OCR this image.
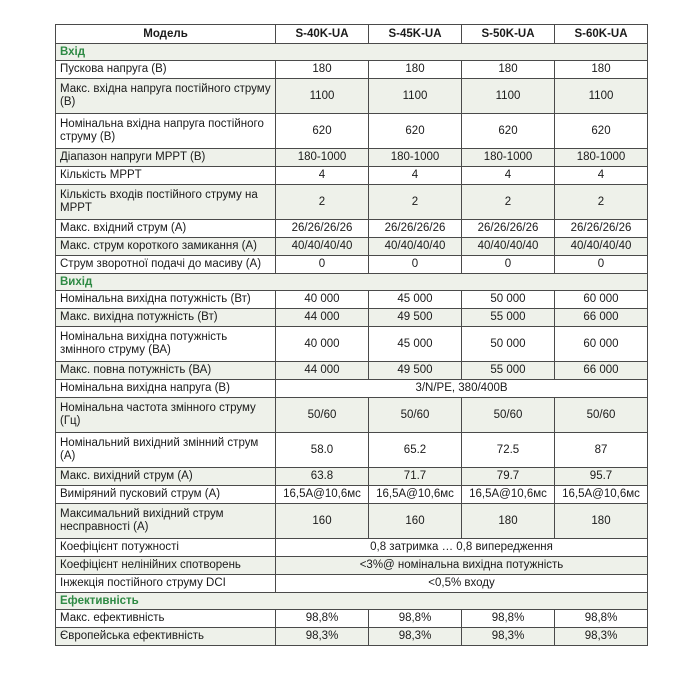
Модель	S-40K-UA	S-45K-UA	S-50K-UA	S-60K-UA
Вхід				
Пускова напруга (В)	180	180	180	180
Макс. вхідна напруга постійного струму (В)	1100	1100	1100	1100
Номінальна вхідна напруга постійного струму (В)	620	620	620	620
Діапазон напруги MPPT (В)	180-1000	180-1000	180-1000	180-1000
Кількість MPPT	4	4	4	4
Кількість входів постійного струму на MPPT	2	2	2	2
Макс. вхідний струм (А)	26/26/26/26	26/26/26/26	26/26/26/26	26/26/26/26
Макс. струм короткого замикання (А)	40/40/40/40	40/40/40/40	40/40/40/40	40/40/40/40
Струм зворотної подачі до масиву (А)	0	0	0	0
Вихід				
Номінальна вихідна потужність (Вт)	40 000	45 000	50 000	60 000
Макс. вихідна потужність (Вт)	44 000	49 500	55 000	66 000
Номінальна вихідна потужність змінного струму (ВА)	40 000	45 000	50 000	60 000
Макс. повна потужність (ВА)	44 000	49 500	55 000	66 000
Номінальна вихідна напруга (В)	3/N/PE, 380/400В			
Номінальна частота змінного струму (Гц)	50/60	50/60	50/60	50/60
Номінальний вихідний змінний струм (А)	58.0	65.2	72.5	87
Макс. вихідний струм (А)	63.8	71.7	79.7	95.7
Виміряний пусковий струм (А)	16,5A@10,6мс	16,5A@10,6мс	16,5A@10,6мс	16,5A@10,6мс
Максимальний вихідний струм несправності (А)	160	160	180	180
Коефіцієнт потужності	0,8 затримка … 0,8 випередження			
Коефіцієнт нелінійних спотворень	<3%@ номінальна вихідна потужність			
Інжекція постійного струму DCI	<0,5% входу			
Ефективність				
Макс. ефективність	98,8%	98,8%	98,8%	98,8%
Європейська ефективність	98,3%	98,3%	98,3%	98,3%
